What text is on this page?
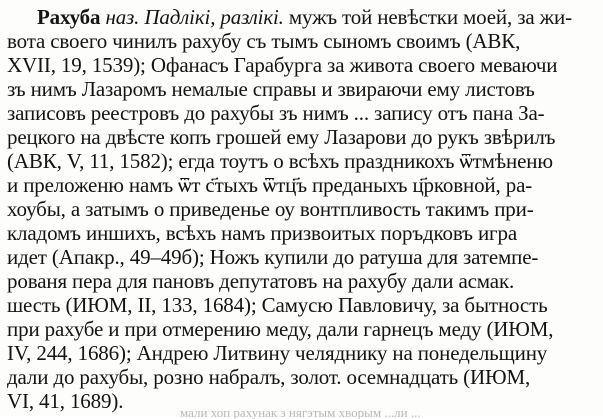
Рахуба наз. Падлікі, разлікі. мужъ той невѣстки моей, за жи-
вота своего чинилъ рахубу съ тымъ сыномъ своимъ (АВК,
XVII, 19, 1539); Офанасъ Гарабурга за живота своего меваючи
зъ нимъ Лазаромъ немалые справы и звираючи ему листовъ
записовъ реестровъ до рахубы зъ нимъ ... запису отъ пана За-
рецкого на двѣсте копъ грошей ему Лазарови до рукъ звѣрилъ
(АВК, V, 11, 1582); егда тоутъ о всѣхъ праздникохъ ѿтмѣненю
и преложеню намъ ѿт с҃тыхъ ѿтц҃ъ преданыхъ ц҃рковной, ра-
хоубы, а затымъ о приведенье оу вонтпливость такимъ при-
кладомъ иншихъ, всѣхъ намъ призвоитых поръдковъ игра
идет (Апакр., 49–49б); Ножъ купили до ратуша для затемпе-
рованя пера для пановъ депутатовъ на рахубу дали асмак.
шесть (ИЮМ, II, 133, 1684); Самусю Павловичу, за бытность
при рахубе и при отмерению меду, дали гарнецъ меду (ИЮМ,
IV, 244, 1686); Андрею Литвину челяднику на понедельщину
дали до рахубы, розно набралъ, золот. осемнадцать (ИЮМ,
VI, 41, 1689).	мали хоп рахунак з нягэтым хворым ...ли ...
